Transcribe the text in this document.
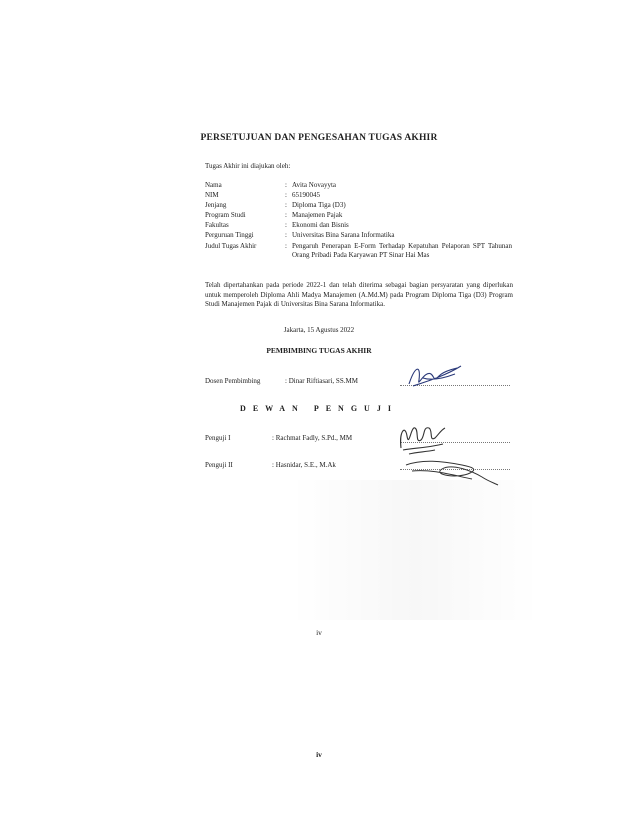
PERSETUJUAN DAN PENGESAHAN TUGAS AKHIR
Tugas Akhir ini diajukan oleh:
Nama	: Avita Novayyta
NIM	: 65190045
Jenjang	: Diploma Tiga (D3)
Program Studi	: Manajemen Pajak
Fakultas	: Ekonomi dan Bisnis
Perguruan Tinggi	: Universitas Bina Sarana Informatika
Judul Tugas Akhir	: Pengaruh Penerapan E-Form Terhadap Kepatuhan Pelaporan SPT Tahunan Orang Pribadi Pada Karyawan PT Sinar Hai Mas
Telah dipertahankan pada periode 2022-1 dan telah diterima sebagai bagian persyaratan yang diperlukan untuk memperoleh Diploma Ahli Madya Manajemen (A.Md.M) pada Program Diploma Tiga (D3) Program Studi Manajemen Pajak di Universitas Bina Sarana Informatika.
Jakarta, 15 Agustus 2022
PEMBIMBING TUGAS AKHIR
Dosen Pembimbing	: Dinar Riftiasari, SS.MM
DEWAN PENGUJI
Penguji I	: Rachmat Fadly, S.Pd., MM
Penguji II	: Hasnidar, S.E., M.Ak
iv
iv
